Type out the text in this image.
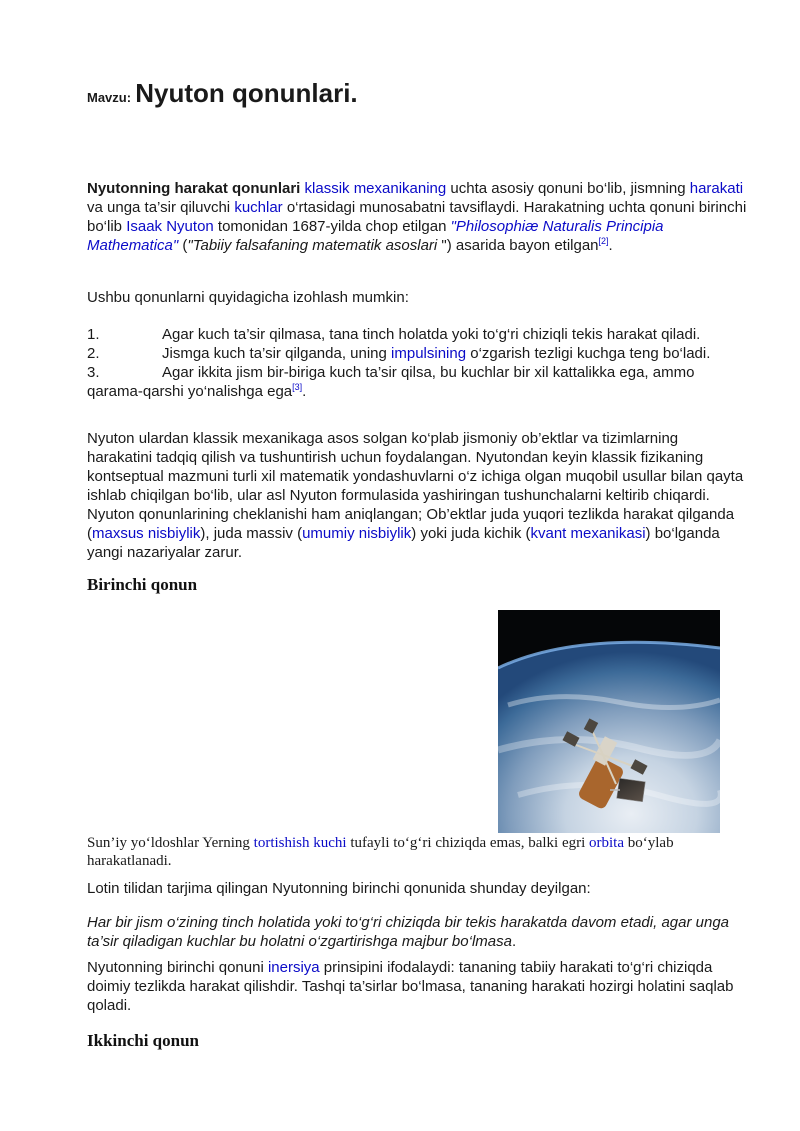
Mavzu: Nyuton qonunlari.

Nyutonning harakat qonunlari klassik mexanikaning uchta asosiy qonuni bo‘lib, jismning harakati va unga ta’sir qiluvchi kuchlar o‘rtasidagi munosabatni tavsiflaydi. Harakatning uchta qonuni birinchi bo‘lib Isaak Nyuton tomonidan 1687-yilda chop etilgan "Philosophiæ Naturalis Principia Mathematica" ("Tabiiy falsafaning matematik asoslari ") asarida bayon etilgan[2].

Ushbu qonunlarni quyidagicha izohlash mumkin:

1.	Agar kuch ta’sir qilmasa, tana tinch holatda yoki to‘g‘ri chiziqli tekis harakat qiladi.

2.	Jismga kuch ta’sir qilganda, uning impulsining o‘zgarish tezligi kuchga teng bo‘ladi.

3.	Agar ikkita jism bir-biriga kuch ta’sir qilsa, bu kuchlar bir xil kattalikka ega, ammo qarama-qarshi yo‘nalishga ega[3].

Nyuton ulardan klassik mexanikaga asos solgan ko‘plab jismoniy ob’ektlar va tizimlarning harakatini tadqiq qilish va tushuntirish uchun foydalangan. Nyutondan keyin klassik fizikaning kontseptual mazmuni turli xil matematik yondashuvlarni o‘z ichiga olgan muqobil usullar bilan qayta ishlab chiqilgan bo‘lib, ular asl Nyuton formulasida yashiringan tushunchalarni keltirib chiqardi. Nyuton qonunlarining cheklanishi ham aniqlangan; Ob’ektlar juda yuqori tezlikda harakat qilganda (maxsus nisbiylik), juda massiv (umumiy nisbiylik) yoki juda kichik (kvant mexanikasi) bo‘lganda yangi nazariyalar zarur.

Birinchi qonun

Sun’iy yo‘ldoshlar Yerning tortishish kuchi tufayli to‘g‘ri chiziqda emas, balki egri orbita bo‘ylab harakatlanadi.

Lotin tilidan tarjima qilingan Nyutonning birinchi qonunida shunday deyilgan:

Har bir jism o‘zining tinch holatida yoki to‘g‘ri chiziqda bir tekis harakatda davom etadi, agar unga ta’sir qiladigan kuchlar bu holatni o‘zgartirishga majbur bo‘lmasa.

Nyutonning birinchi qonuni inersiya prinsipini ifodalaydi: tananing tabiiy harakati to‘g‘ri chiziqda doimiy tezlikda harakat qilishdir. Tashqi ta’sirlar bo‘lmasa, tananing harakati hozirgi holatini saqlab qoladi.

Ikkinchi qonun
